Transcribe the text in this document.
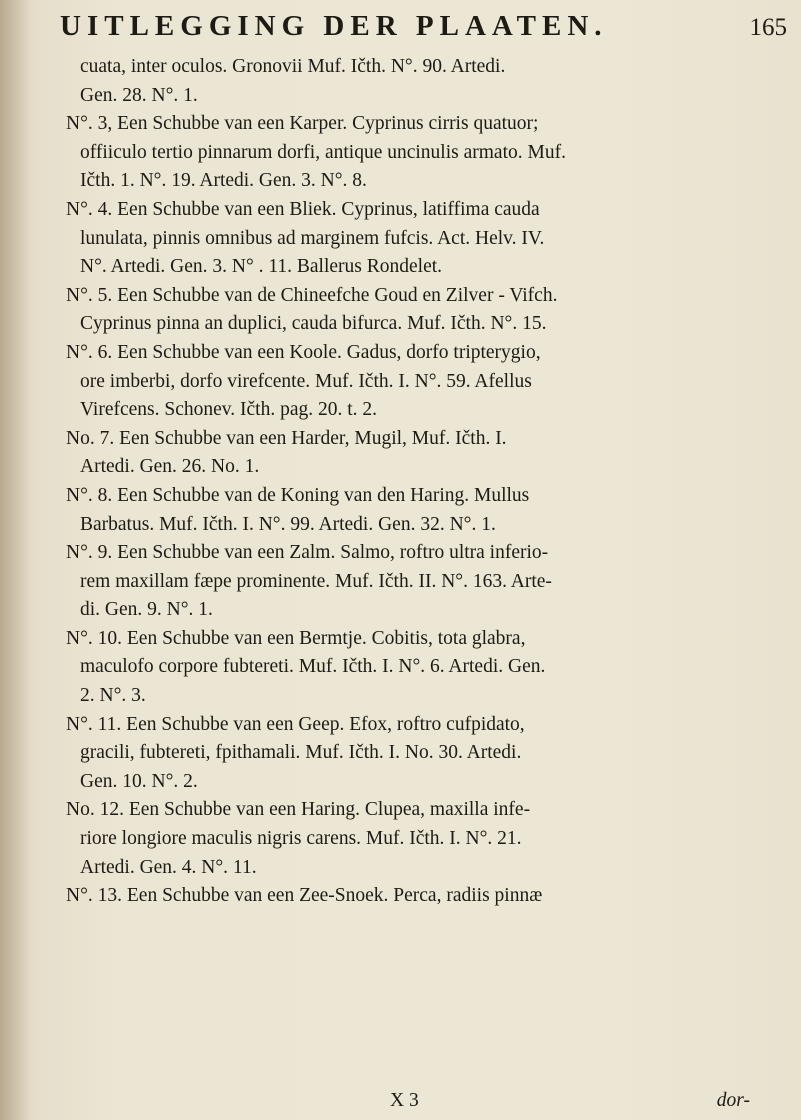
UITLEGGING DER PLAATEN.	165
cuata, inter oculos. Gronovii Muf. Ičth. N°. 90. Artedi.
Gen. 28. N°. 1.
N°. 3, Een Schubbe van een Karper. Cyprinus cirris quatuor;
offiiculo tertio pinnarum dorfi, antique uncinulis armato. Muf.
Ičth. 1. N°. 19. Artedi. Gen. 3. N°. 8.
N°. 4. Een Schubbe van een Bliek. Cyprinus, latiffima cauda
lunulata, pinnis omnibus ad marginem fufcis. Act. Helv. IV.
N°. Artedi. Gen. 3. N° . 11. Ballerus Rondelet.
N°. 5. Een Schubbe van de Chineefche Goud en Zilver - Vifch.
Cyprinus pinna an duplici, cauda bifurca. Muf. Ičth. N°. 15.
N°. 6. Een Schubbe van een Koole. Gadus, dorfo tripterygio,
ore imberbi, dorfo virefcente. Muf. Ičth. I. N°. 59. Afellus
Virefcens. Schonev. Ičth. pag. 20. t. 2.
No. 7. Een Schubbe van een Harder, Mugil, Muf. Ičth. I.
Artedi. Gen. 26. No. 1.
N°. 8. Een Schubbe van de Koning van den Haring. Mullus
Barbatus. Muf. Ičth. I. N°. 99. Artedi. Gen. 32. N°. 1.
N°. 9. Een Schubbe van een Zalm. Salmo, roftro ultra inferio-
rem maxillam fæpe prominente. Muf. Ičth. II. N°. 163. Arte-
di. Gen. 9. N°. 1.
N°. 10. Een Schubbe van een Bermtje. Cobitis, tota glabra,
maculofo corpore fubtereti. Muf. Ičth. I. N°. 6. Artedi. Gen.
2. N°. 3.
N°. 11. Een Schubbe van een Geep. Efox, roftro cufpidato,
gracili, fubtereti, fpithamali. Muf. Ičth. I. No. 30. Artedi.
Gen. 10. N°. 2.
No. 12. Een Schubbe van een Haring. Clupea, maxilla infe-
riore longiore maculis nigris carens. Muf. Ičth. I. N°. 21.
Artedi. Gen. 4. N°. 11.
N°. 13. Een Schubbe van een Zee-Snoek. Perca, radiis pinnæ
X 3	dor-
